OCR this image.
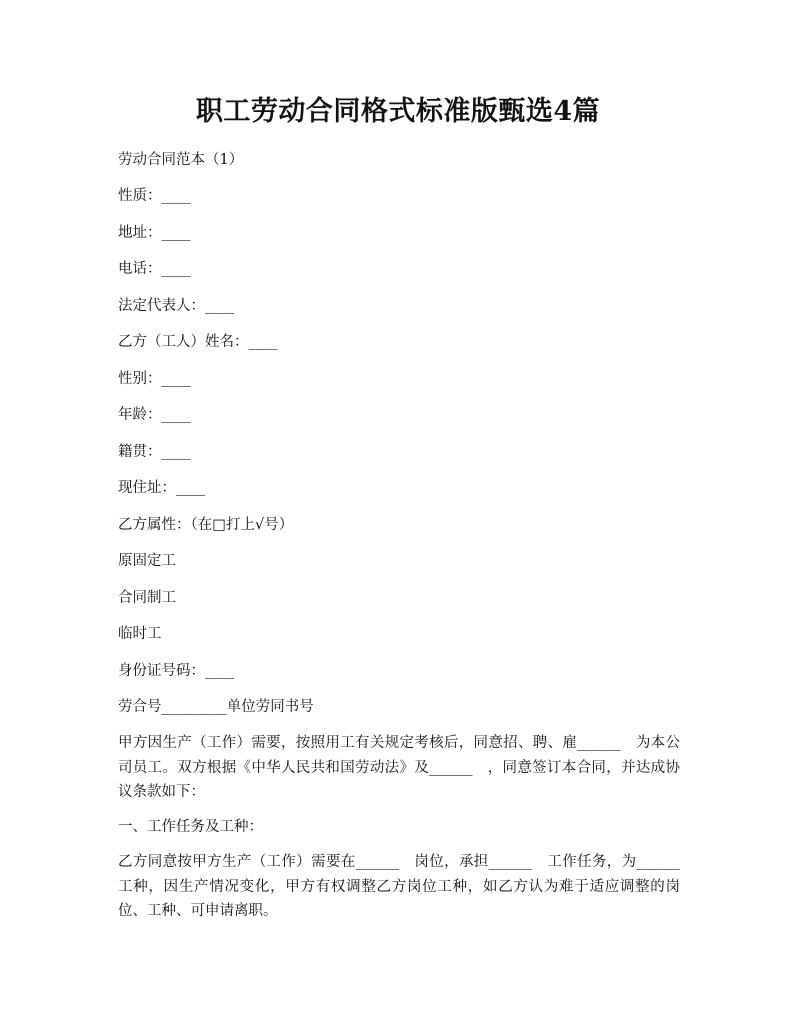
职工劳动合同格式标准版甄选4篇

劳动合同范本（1）

性质：____

地址：____

电话：____

法定代表人：____

乙方（工人）姓名：____

性别：____

年龄：____

籍贯：____

现住址：____

乙方属性：（在□打上√号）

原固定工

合同制工

临时工

身份证号码：____

劳合号_________单位劳同书号

甲方因生产（工作）需要，按照用工有关规定考核后，同意招、聘、雇______　为本公司员工。双方根据《中华人民共和国劳动法》及______　，同意签订本合同，并达成协议条款如下：

一、工作任务及工种：

乙方同意按甲方生产（工作）需要在______　岗位，承担______　工作任务，为______　工种，因生产情况变化，甲方有权调整乙方岗位工种，如乙方认为难于适应调整的岗位、工种、可申请离职。
